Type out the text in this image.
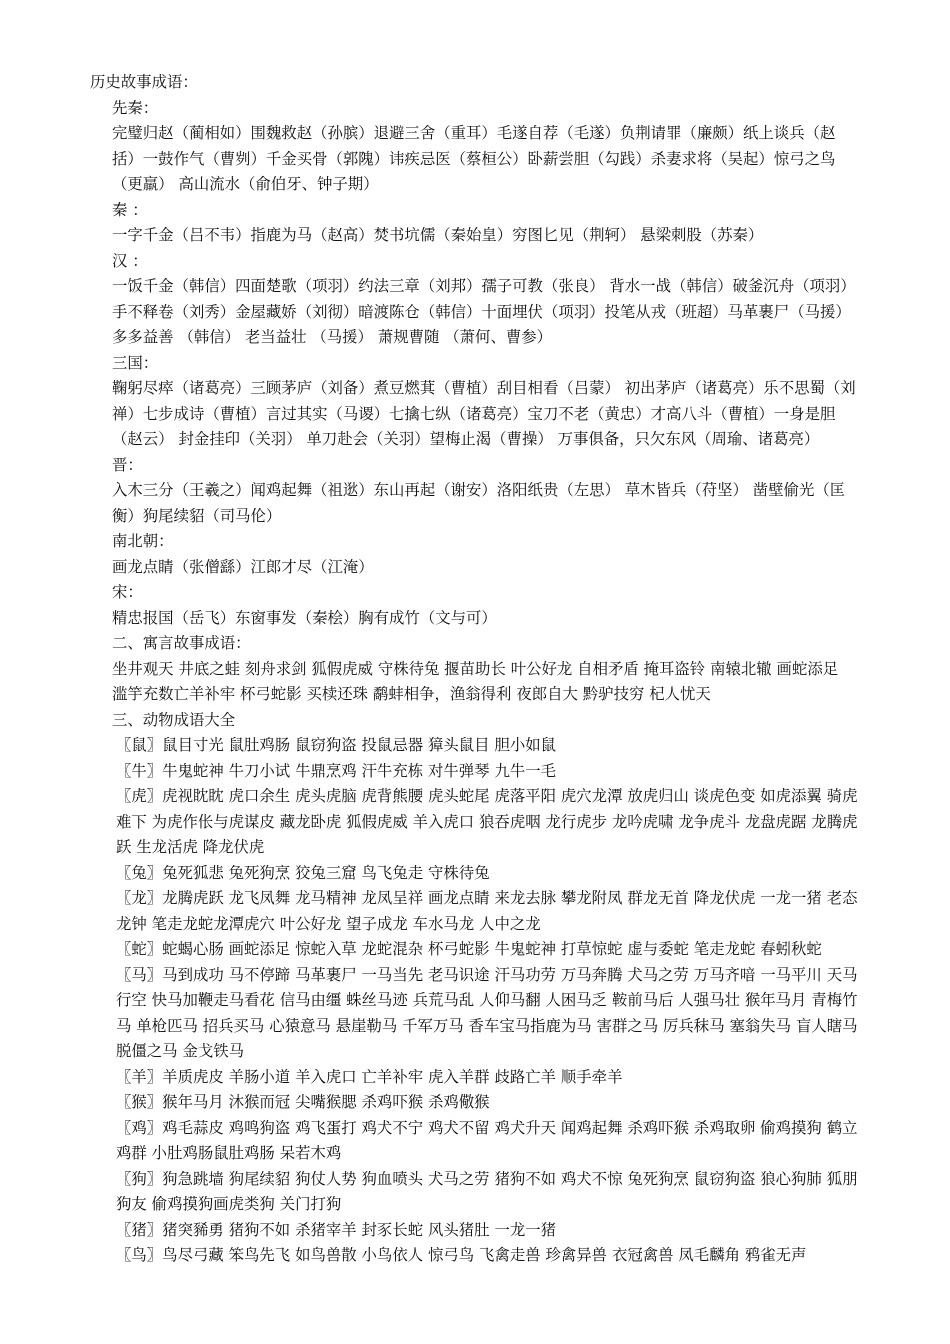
历史故事成语：

先秦：

完璧归赵（蔺相如）围魏救赵（孙膑）退避三舍（重耳）毛遂自荐（毛遂）负荆请罪（廉颇）纸上谈兵（赵括）一鼓作气（曹刿）千金买骨（郭隗）讳疾忌医（蔡桓公）卧薪尝胆（勾践）杀妻求将（吴起）惊弓之鸟（更羸） 高山流水（俞伯牙、钟子期）

秦 ：

一字千金（吕不韦）指鹿为马（赵高）焚书坑儒（秦始皇）穷图匕见（荆轲） 悬梁刺股（苏秦）

汉 ：

一饭千金（韩信）四面楚歌（项羽）约法三章（刘邦）孺子可教（张良） 背水一战（韩信）破釜沉舟（项羽）手不释卷（刘秀）金屋藏娇（刘彻）暗渡陈仓（韩信）十面埋伏（项羽）投笔从戎（班超）马革裹尸（马援） 多多益善 （韩信） 老当益壮 （马援） 萧规曹随 （萧何、曹参）

三国：

鞠躬尽瘁（诸葛亮）三顾茅庐（刘备）煮豆燃萁（曹植）刮目相看（吕蒙） 初出茅庐（诸葛亮）乐不思蜀（刘禅）七步成诗（曹植）言过其实（马谡）七擒七纵（诸葛亮）宝刀不老（黄忠）才高八斗（曹植）一身是胆（赵云） 封金挂印（关羽） 单刀赴会（关羽）望梅止渴（曹操） 万事俱备，只欠东风（周瑜、诸葛亮）

晋：

入木三分（王羲之）闻鸡起舞（祖逖）东山再起（谢安）洛阳纸贵（左思） 草木皆兵（苻坚） 凿壁偷光（匡衡）狗尾续貂（司马伦）

南北朝：

画龙点睛（张僧繇）江郎才尽（江淹）

宋：

精忠报国（岳飞）东窗事发（秦桧）胸有成竹（文与可）

二、寓言故事成语：

坐井观天 井底之蛙 刻舟求剑 狐假虎威 守株待兔 揠苗助长 叶公好龙 自相矛盾 掩耳盗铃 南辕北辙 画蛇添足 滥竽充数亡羊补牢 杯弓蛇影 买椟还珠 鹬蚌相争，渔翁得利 夜郎自大 黔驴技穷 杞人忧天

三、动物成语大全

〖鼠〗鼠目寸光 鼠肚鸡肠 鼠窃狗盗 投鼠忌器 獐头鼠目 胆小如鼠

〖牛〗牛鬼蛇神 牛刀小试 牛鼎烹鸡 汗牛充栋 对牛弹琴 九牛一毛

〖虎〗虎视眈眈 虎口余生 虎头虎脑 虎背熊腰 虎头蛇尾 虎落平阳 虎穴龙潭 放虎归山 谈虎色变 如虎添翼 骑虎难下 为虎作伥与虎谋皮 藏龙卧虎 狐假虎威 羊入虎口 狼吞虎咽 龙行虎步 龙吟虎啸 龙争虎斗 龙盘虎踞 龙腾虎跃 生龙活虎 降龙伏虎

〖兔〗兔死狐悲 兔死狗烹 狡兔三窟 鸟飞兔走 守株待兔

〖龙〗龙腾虎跃 龙飞凤舞 龙马精神 龙凤呈祥 画龙点睛 来龙去脉 攀龙附凤 群龙无首 降龙伏虎 一龙一猪 老态龙钟 笔走龙蛇龙潭虎穴 叶公好龙 望子成龙 车水马龙 人中之龙

〖蛇〗蛇蝎心肠 画蛇添足 惊蛇入草 龙蛇混杂 杯弓蛇影 牛鬼蛇神 打草惊蛇 虚与委蛇 笔走龙蛇 春蚓秋蛇

〖马〗马到成功 马不停蹄 马革裹尸 一马当先 老马识途 汗马功劳 万马奔腾 犬马之劳 万马齐喑 一马平川 天马行空 快马加鞭走马看花 信马由缰 蛛丝马迹 兵荒马乱 人仰马翻 人困马乏 鞍前马后 人强马壮 猴年马月 青梅竹马 单枪匹马 招兵买马 心猿意马 悬崖勒马 千军万马 香车宝马指鹿为马 害群之马 厉兵秣马 塞翁失马 盲人瞎马 脱僵之马 金戈铁马

〖羊〗羊质虎皮 羊肠小道 羊入虎口 亡羊补牢 虎入羊群 歧路亡羊 顺手牵羊

〖猴〗猴年马月 沐猴而冠 尖嘴猴腮 杀鸡吓猴 杀鸡儆猴

〖鸡〗鸡毛蒜皮 鸡鸣狗盗 鸡飞蛋打 鸡犬不宁 鸡犬不留 鸡犬升天 闻鸡起舞 杀鸡吓猴 杀鸡取卵 偷鸡摸狗 鹤立鸡群 小肚鸡肠鼠肚鸡肠 呆若木鸡

〖狗〗狗急跳墙 狗尾续貂 狗仗人势 狗血喷头 犬马之劳 猪狗不如 鸡犬不惊 兔死狗烹 鼠窃狗盗 狼心狗肺 狐朋狗友 偷鸡摸狗画虎类狗 关门打狗

〖猪〗猪突豨勇 猪狗不如 杀猪宰羊 封豕长蛇 风头猪肚 一龙一猪

〖鸟〗鸟尽弓藏 笨鸟先飞 如鸟兽散 小鸟依人 惊弓鸟 飞禽走兽 珍禽异兽 衣冠禽兽 凤毛麟角 鸦雀无声
